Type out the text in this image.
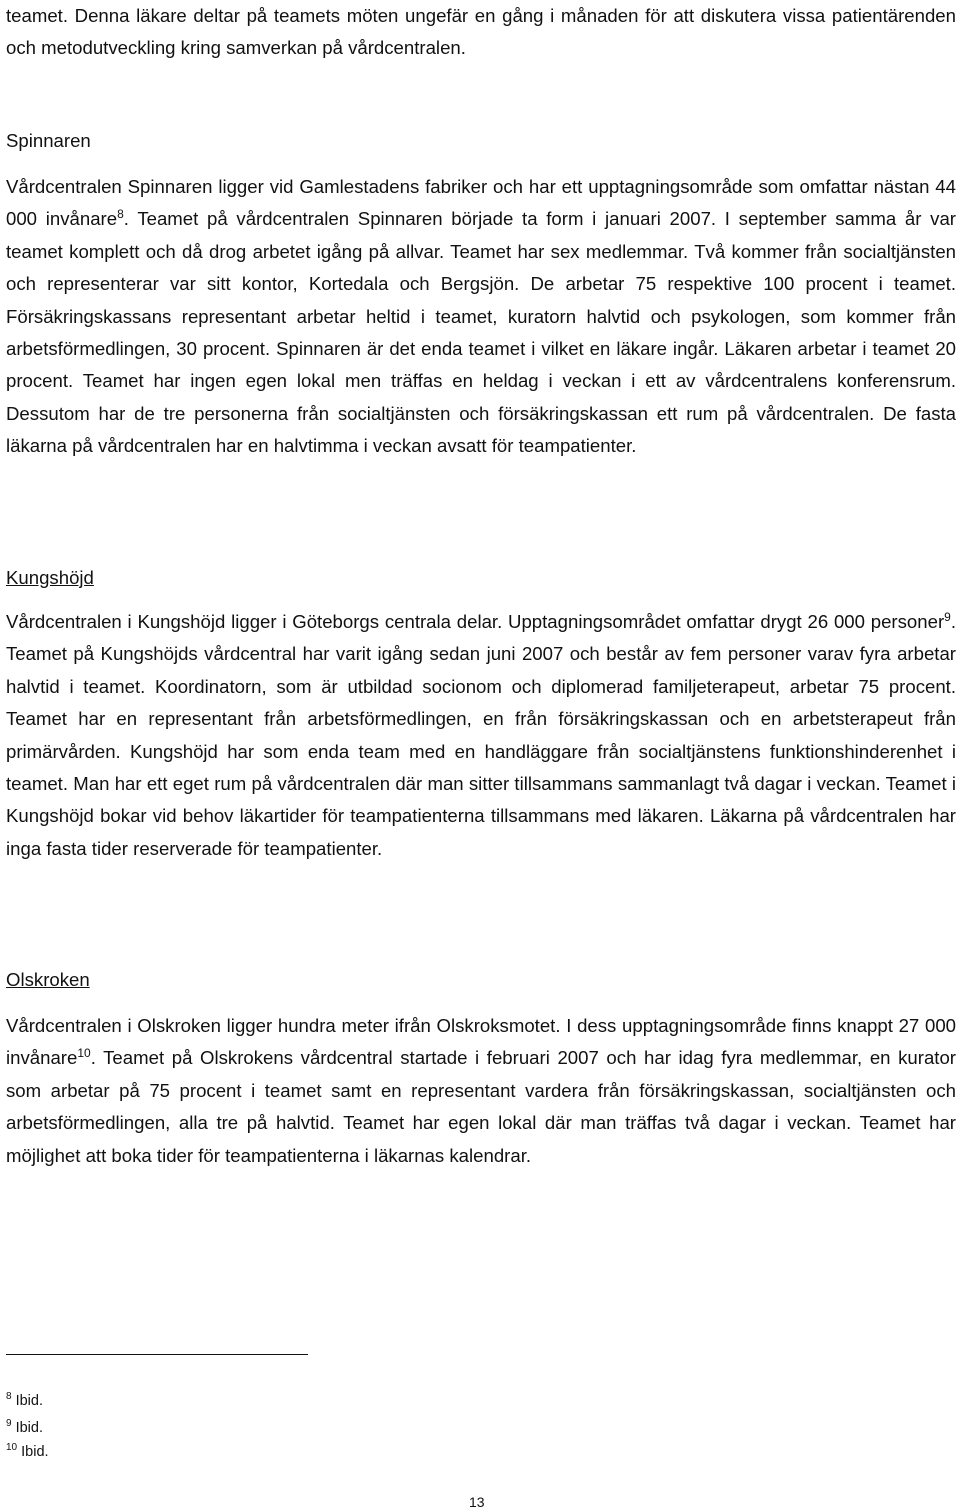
teamet. Denna läkare deltar på teamets möten ungefär en gång i månaden för att diskutera vissa patientärenden och metodutveckling kring samverkan på vårdcentralen.

Spinnaren

Vårdcentralen Spinnaren ligger vid Gamlestadens fabriker och har ett upptagningsområde som omfattar nästan 44 000 invånare$^8$. Teamet på vårdcentralen Spinnaren började ta form i januari 2007. I september samma år var teamet komplett och då drog arbetet igång på allvar. Teamet har sex medlemmar. Två kommer från socialtjänsten och representerar var sitt kontor, Kortedala och Bergsjön. De arbetar 75 respektive 100 procent i teamet. Försäkringskassans representant arbetar heltid i teamet, kuratorn halvtid och psykologen, som kommer från arbetsförmedlingen, 30 procent. Spinnaren är det enda teamet i vilket en läkare ingår. Läkaren arbetar i teamet 20 procent. Teamet har ingen egen lokal men träffas en heldag i veckan i ett av vårdcentralens konferensrum. Dessutom har de tre personerna från socialtjänsten och försäkringskassan ett rum på vårdcentralen. De fasta läkarna på vårdcentralen har en halvtimma i veckan avsatt för teampatienter.

Kungshöjd

Vårdcentralen i Kungshöjd ligger i Göteborgs centrala delar. Upptagningsområdet omfattar drygt 26 000 personer$^9$. Teamet på Kungshöjds vårdcentral har varit igång sedan juni 2007 och består av fem personer varav fyra arbetar halvtid i teamet. Koordinatorn, som är utbildad socionom och diplomerad familjeterapeut, arbetar 75 procent. Teamet har en representant från arbetsförmedlingen, en från försäkringskassan och en arbetsterapeut från primärvården. Kungshöjd har som enda team med en handläggare från socialtjänstens funktionshinderenhet i teamet. Man har ett eget rum på vårdcentralen där man sitter tillsammans sammanlagt två dagar i veckan. Teamet i Kungshöjd bokar vid behov läkartider för teampatienterna tillsammans med läkaren. Läkarna på vårdcentralen har inga fasta tider reserverade för teampatienter.

Olskroken

Vårdcentralen i Olskroken ligger hundra meter ifrån Olskroksmotet. I dess upptagningsområde finns knappt 27 000 invånare$^{10}$. Teamet på Olskrokens vårdcentral startade i februari 2007 och har idag fyra medlemmar, en kurator som arbetar på 75 procent i teamet samt en representant vardera från försäkringskassan, socialtjänsten och arbetsförmedlingen, alla tre på halvtid. Teamet har egen lokal där man träffas två dagar i veckan. Teamet har möjlighet att boka tider för teampatienterna i läkarnas kalendrar.

$^8$ Ibid.
$^9$ Ibid.
$^{10}$ Ibid.
13
